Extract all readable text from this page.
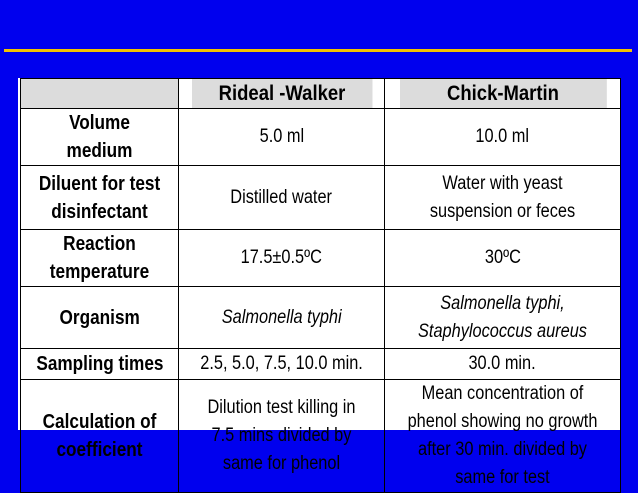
	Rideal -Walker	Chick-Martin
Volume medium	5.0 ml	10.0 ml
Diluent for test disinfectant	Distilled water	Water with yeast suspension or feces
Reaction temperature	17.5±0.5ºC	30ºC
Organism	Salmonella typhi	Salmonella typhi, Staphylococcus aureus
Sampling times	2.5, 5.0, 7.5, 10.0 min.	30.0 min.
Calculation of coefficient	Dilution test killing in 7.5 mins divided by same for phenol	Mean concentration of phenol showing no growth after 30 min. divided by same for test
